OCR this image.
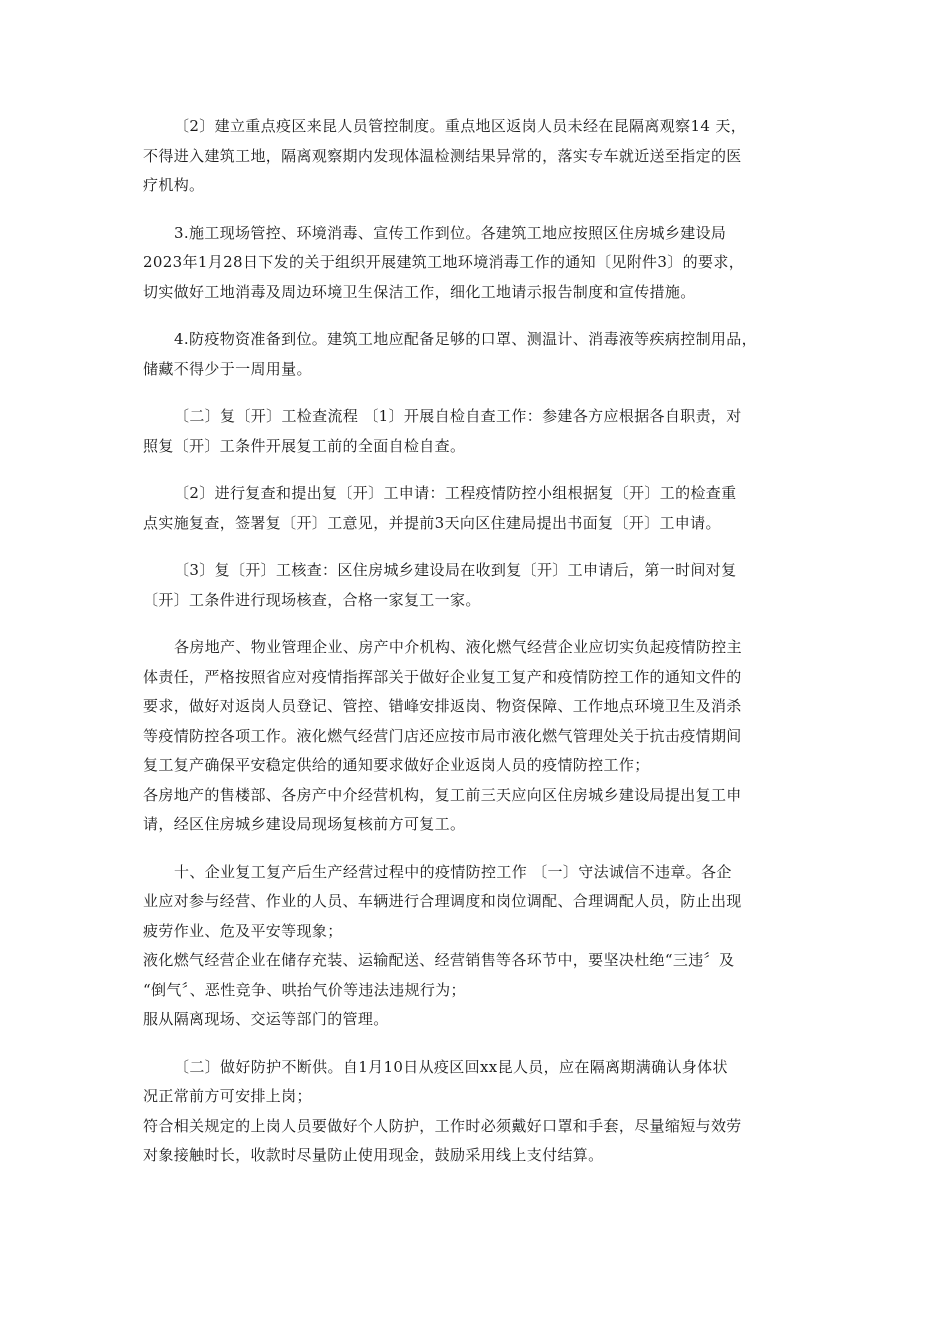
〔2〕建立重点疫区来昆人员管控制度。重点地区返岗人员未经在昆隔离观察14 天，
不得进入建筑工地，隔离观察期内发现体温检测结果异常的，落实专车就近送至指定的医
疗机构。
3.施工现场管控、环境消毒、宣传工作到位。各建筑工地应按照区住房城乡建设局
2023年1月28日下发的关于组织开展建筑工地环境消毒工作的通知〔见附件3〕的要求，
切实做好工地消毒及周边环境卫生保洁工作，细化工地请示报告制度和宣传措施。
4.防疫物资准备到位。建筑工地应配备足够的口罩、测温计、消毒液等疾病控制用品，
储藏不得少于一周用量。
〔二〕复〔开〕工检查流程 〔1〕开展自检自查工作：参建各方应根据各自职责，对
照复〔开〕工条件开展复工前的全面自检自查。
〔2〕进行复查和提出复〔开〕工申请：工程疫情防控小组根据复〔开〕工的检查重
点实施复查，签署复〔开〕工意见，并提前3天向区住建局提出书面复〔开〕工申请。
〔3〕复〔开〕工核查：区住房城乡建设局在收到复〔开〕工申请后，第一时间对复
〔开〕工条件进行现场核查，合格一家复工一家。
各房地产、物业管理企业、房产中介机构、液化燃气经营企业应切实负起疫情防控主
体责任，严格按照省应对疫情指挥部关于做好企业复工复产和疫情防控工作的通知文件的
要求，做好对返岗人员登记、管控、错峰安排返岗、物资保障、工作地点环境卫生及消杀
等疫情防控各项工作。液化燃气经营门店还应按市局市液化燃气管理处关于抗击疫情期间
复工复产确保平安稳定供给的通知要求做好企业返岗人员的疫情防控工作；
各房地产的售楼部、各房产中介经营机构，复工前三天应向区住房城乡建设局提出复工申
请，经区住房城乡建设局现场复核前方可复工。
十、企业复工复产后生产经营过程中的疫情防控工作 〔一〕守法诚信不违章。各企
业应对参与经营、作业的人员、车辆进行合理调度和岗位调配、合理调配人员，防止出现
疲劳作业、危及平安等现象；
液化燃气经营企业在储存充装、运输配送、经营销售等各环节中，要坚决杜绝“三违〞及
“倒气〞、恶性竞争、哄抬气价等违法违规行为；
服从隔离现场、交运等部门的管理。
〔二〕做好防护不断供。自1月10日从疫区回xx昆人员，应在隔离期满确认身体状
况正常前方可安排上岗；
符合相关规定的上岗人员要做好个人防护，工作时必须戴好口罩和手套，尽量缩短与效劳
对象接触时长，收款时尽量防止使用现金，鼓励采用线上支付结算。
